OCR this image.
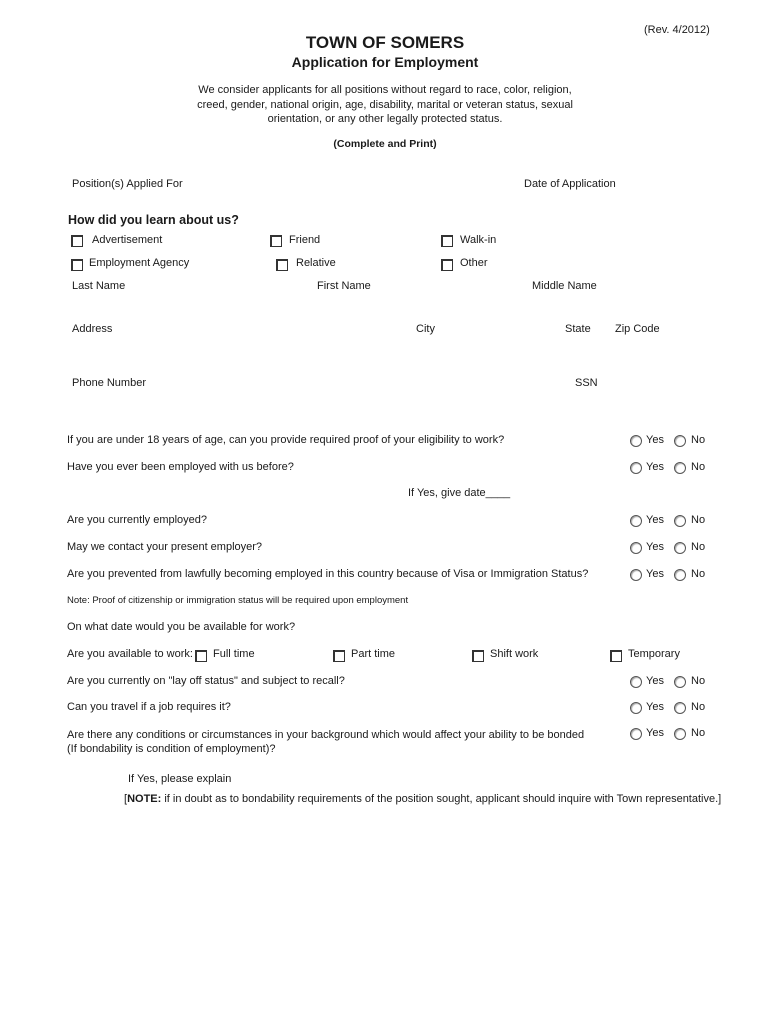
(Rev. 4/2012)
TOWN OF SOMERS
Application for Employment
We consider applicants for all positions without regard to race, color, religion,
creed, gender, national origin, age, disability, marital or veteran status, sexual
orientation, or any other legally protected status.
(Complete and Print)
Position(s) Applied For	Date of Application
How did you learn about us?
Advertisement	Friend	Walk-in
Employment Agency	Relative	Other
Last Name	First Name	Middle Name
Address	City	State Zip Code
Phone Number	SSN
If you are under 18 years of age, can you provide required proof of your eligibility to work?	Yes No
Have you ever been employed with us before?	Yes No
If Yes, give date____
Are you currently employed?	Yes No
May we contact your present employer?	Yes No
Are you prevented from lawfully becoming employed in this country because of Visa or Immigration Status?	Yes No
Note: Proof of citizenship or immigration status will be required upon employment
On what date would you be available for work?
Are you available to work: Full time	Part time	Shift work	Temporary
Are you currently on "lay off status" and subject to recall?	Yes No
Can you travel if a job requires it?	Yes No
Are there any conditions or circumstances in your background which would affect your ability to be bonded
(If bondability is condition of employment)?
Yes No
If Yes, please explain
[NOTE: if in doubt as to bondability requirements of the position sought, applicant should inquire with Town representative.]
